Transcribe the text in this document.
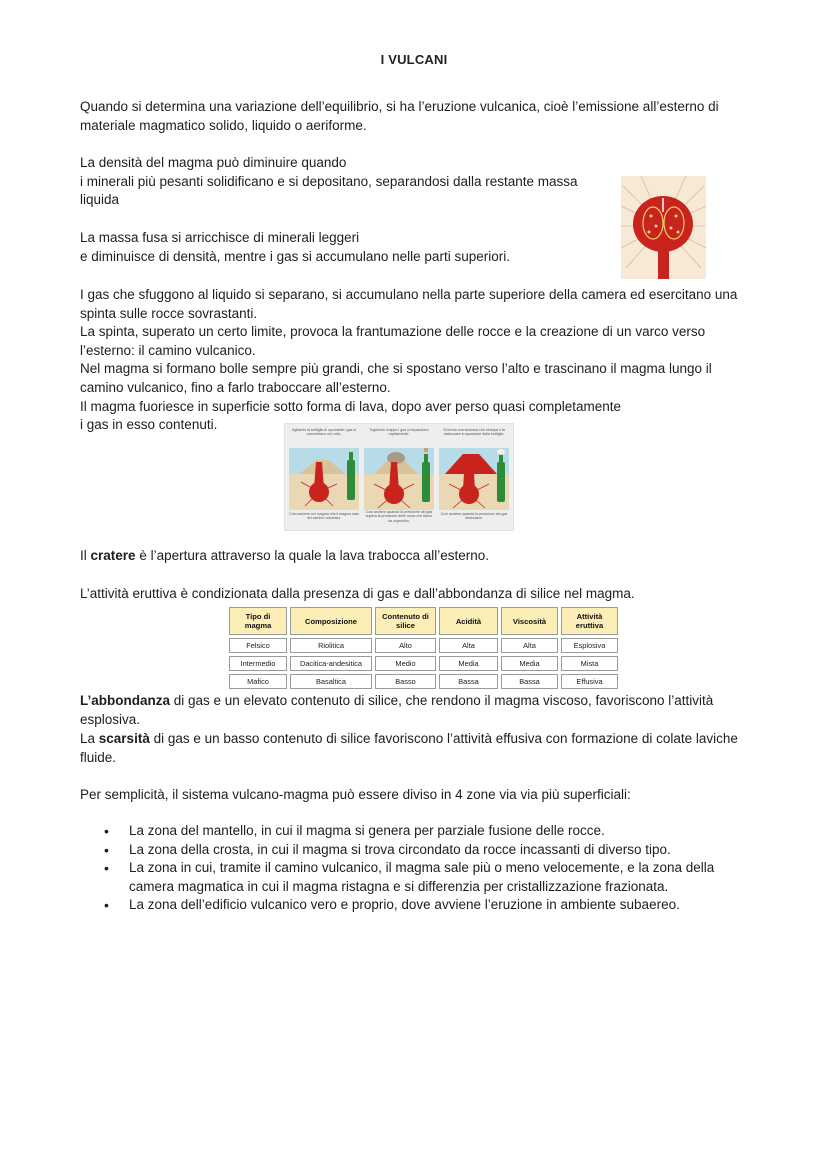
I VULCANI
Quando si determina una variazione dell’equilibrio, si ha l’eruzione vulcanica, cioè l’emissione all’esterno di materiale magmatico solido, liquido o aeriforme.
La densità del magma può diminuire quando
i minerali più pesanti solidificano e si depositano, separandosi dalla restante massa
liquida
La massa fusa si arricchisce di minerali leggeri
e diminuisce di densità, mentre i gas si accumulano nelle parti superiori.
I gas che sfuggono al liquido si separano, si accumulano nella parte superiore della camera ed esercitano una spinta sulle rocce sovrastanti.
La spinta, superato un certo limite, provoca la frantumazione delle rocce e la creazione di un varco verso l’esterno: il camino vulcanico.
Nel magma si formano bolle sempre più grandi, che si spostano verso l’alto e trascinano il magma lungo il camino vulcanico, fino a farlo traboccare all’esterno.
Il magma fuoriesce in superficie sotto forma di lava, dopo aver perso quasi completamente
i gas in esso contenuti.	Agitando la bottiglia di spumante i gas si concentrano nel collo.
Così avviene nel magma che il magma sale nel camino vulcanico.
Togliendo il tappo i gas si espandono rapidamente.
Così avviene quando la pressione del gas supera la pressione delle rocce che fanno da coperchio.
Si forma una schiuma che straripa e fa traboccare lo spumante dalla bottiglia.
Così avviene quando la pressione dei gas diminuisce.
Il cratere è l’apertura attraverso la quale la lava trabocca all’esterno.
L’attività eruttiva è condizionata dalla presenza di gas e dall’abbondanza di silice nel magma.
Tipo di magma	Composizione	Contenuto di silice	Acidità	Viscosità	Attività eruttiva
Felsico	Riolitica	Alto	Alta	Alta	Esplosiva
Intermedio	Dacitica-andesitica	Medio	Media	Media	Mista
Mafico	Basaltica	Basso	Bassa	Bassa	Effusiva
L’abbondanza di gas e un elevato contenuto di silice, che rendono il magma viscoso, favoriscono l’attività esplosiva.
La scarsità di gas e un basso contenuto di silice favoriscono l’attività effusiva con formazione di colate laviche fluide.
Per semplicità, il sistema vulcano-magma può essere diviso in 4 zone via via più superficiali:
• La zona del mantello, in cui il magma si genera per parziale fusione delle rocce.
• La zona della crosta, in cui il magma si trova circondato da rocce incassanti di diverso tipo.
• La zona in cui, tramite il camino vulcanico, il magma sale più o meno velocemente, e la zona della camera magmatica in cui il magma ristagna e si differenzia per cristallizzazione frazionata.
• La zona dell’edificio vulcanico vero e proprio, dove avviene l’eruzione in ambiente subaereo.
